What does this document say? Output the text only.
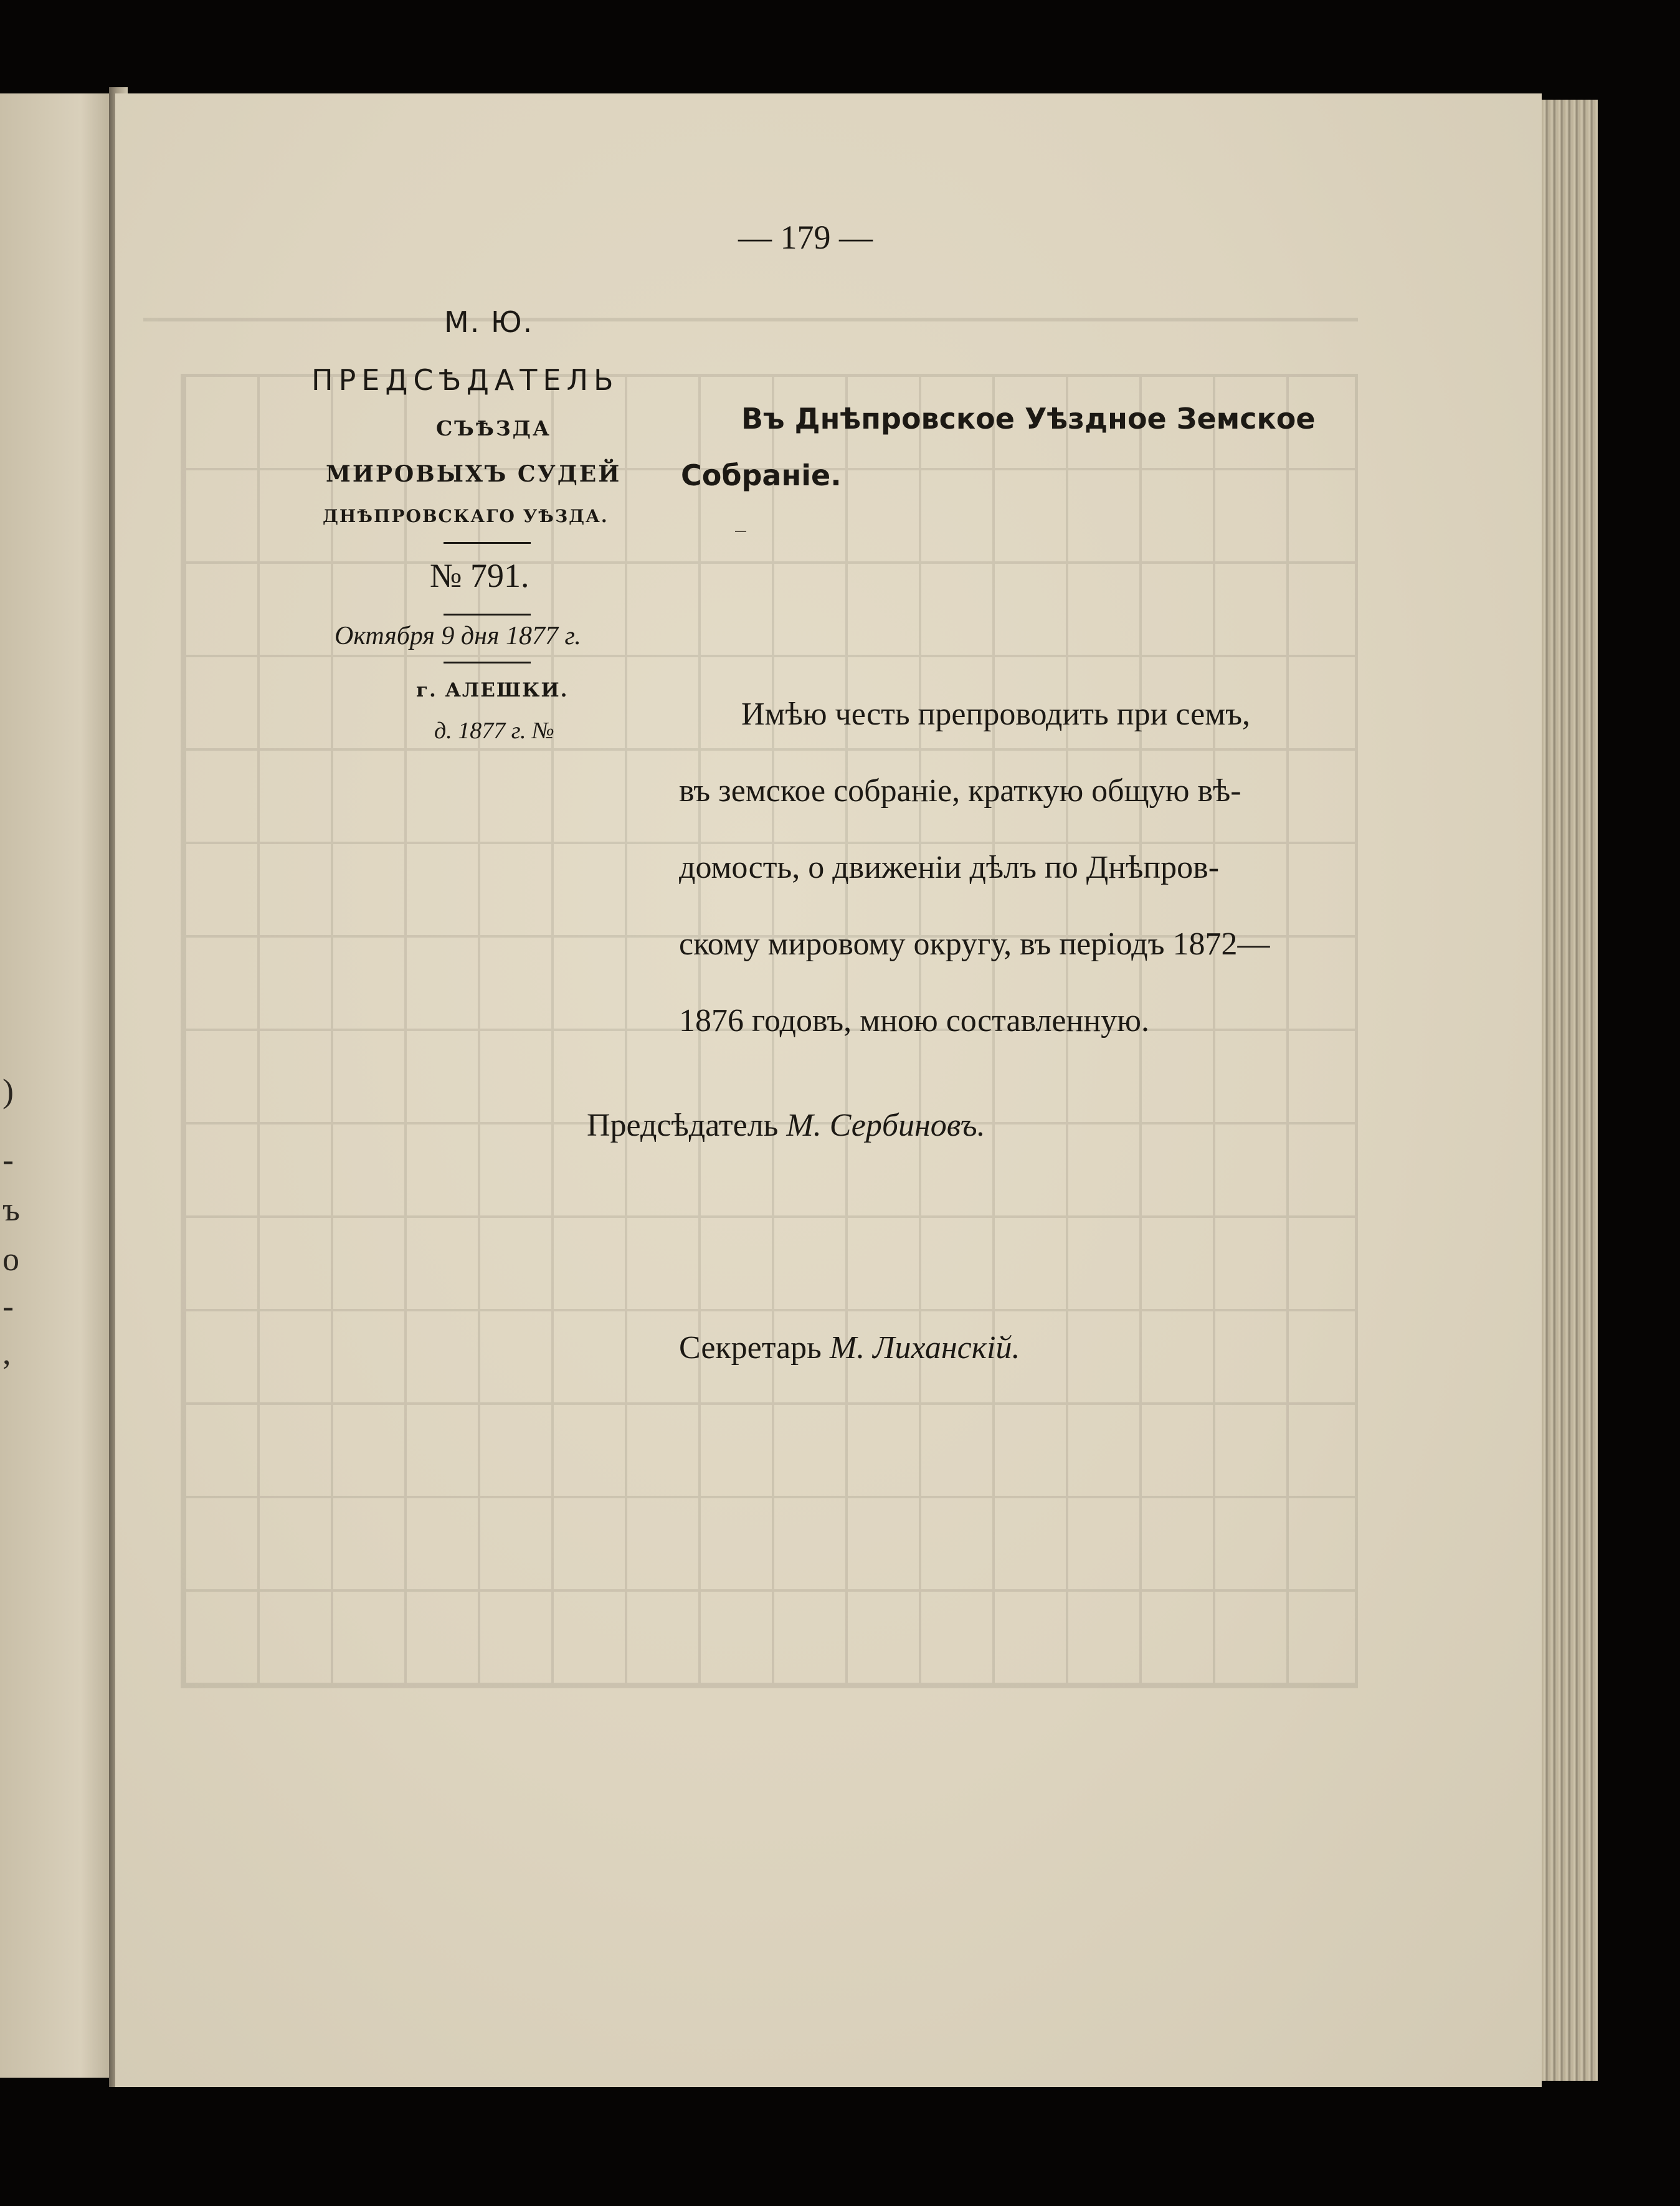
)
-
ъ
о
-
,
— 179 —
М. Ю.
ПРЕДСѢДАТЕЛЬ
СЪѢЗДА
МИРОВЫХЪ СУДЕЙ
ДНѢПРОВСКАГО УѢЗДА.
№ 791.
Октября 9 дня 1877 г.
г. АЛЕШКИ.
д. 1877 г. №
Въ Днѣпровское Уѣздное Земское
Собраніе.
Имѣю честь препроводить при семъ,
въ земское собраніе, краткую общую вѣ-
домость, о движеніи дѣлъ по Днѣпров-
скому мировому округу, въ періодъ 1872—
1876 годовъ, мною составленную.
Предсѣдатель М. Сербиновъ.
Секретарь М. Лиханскій.
